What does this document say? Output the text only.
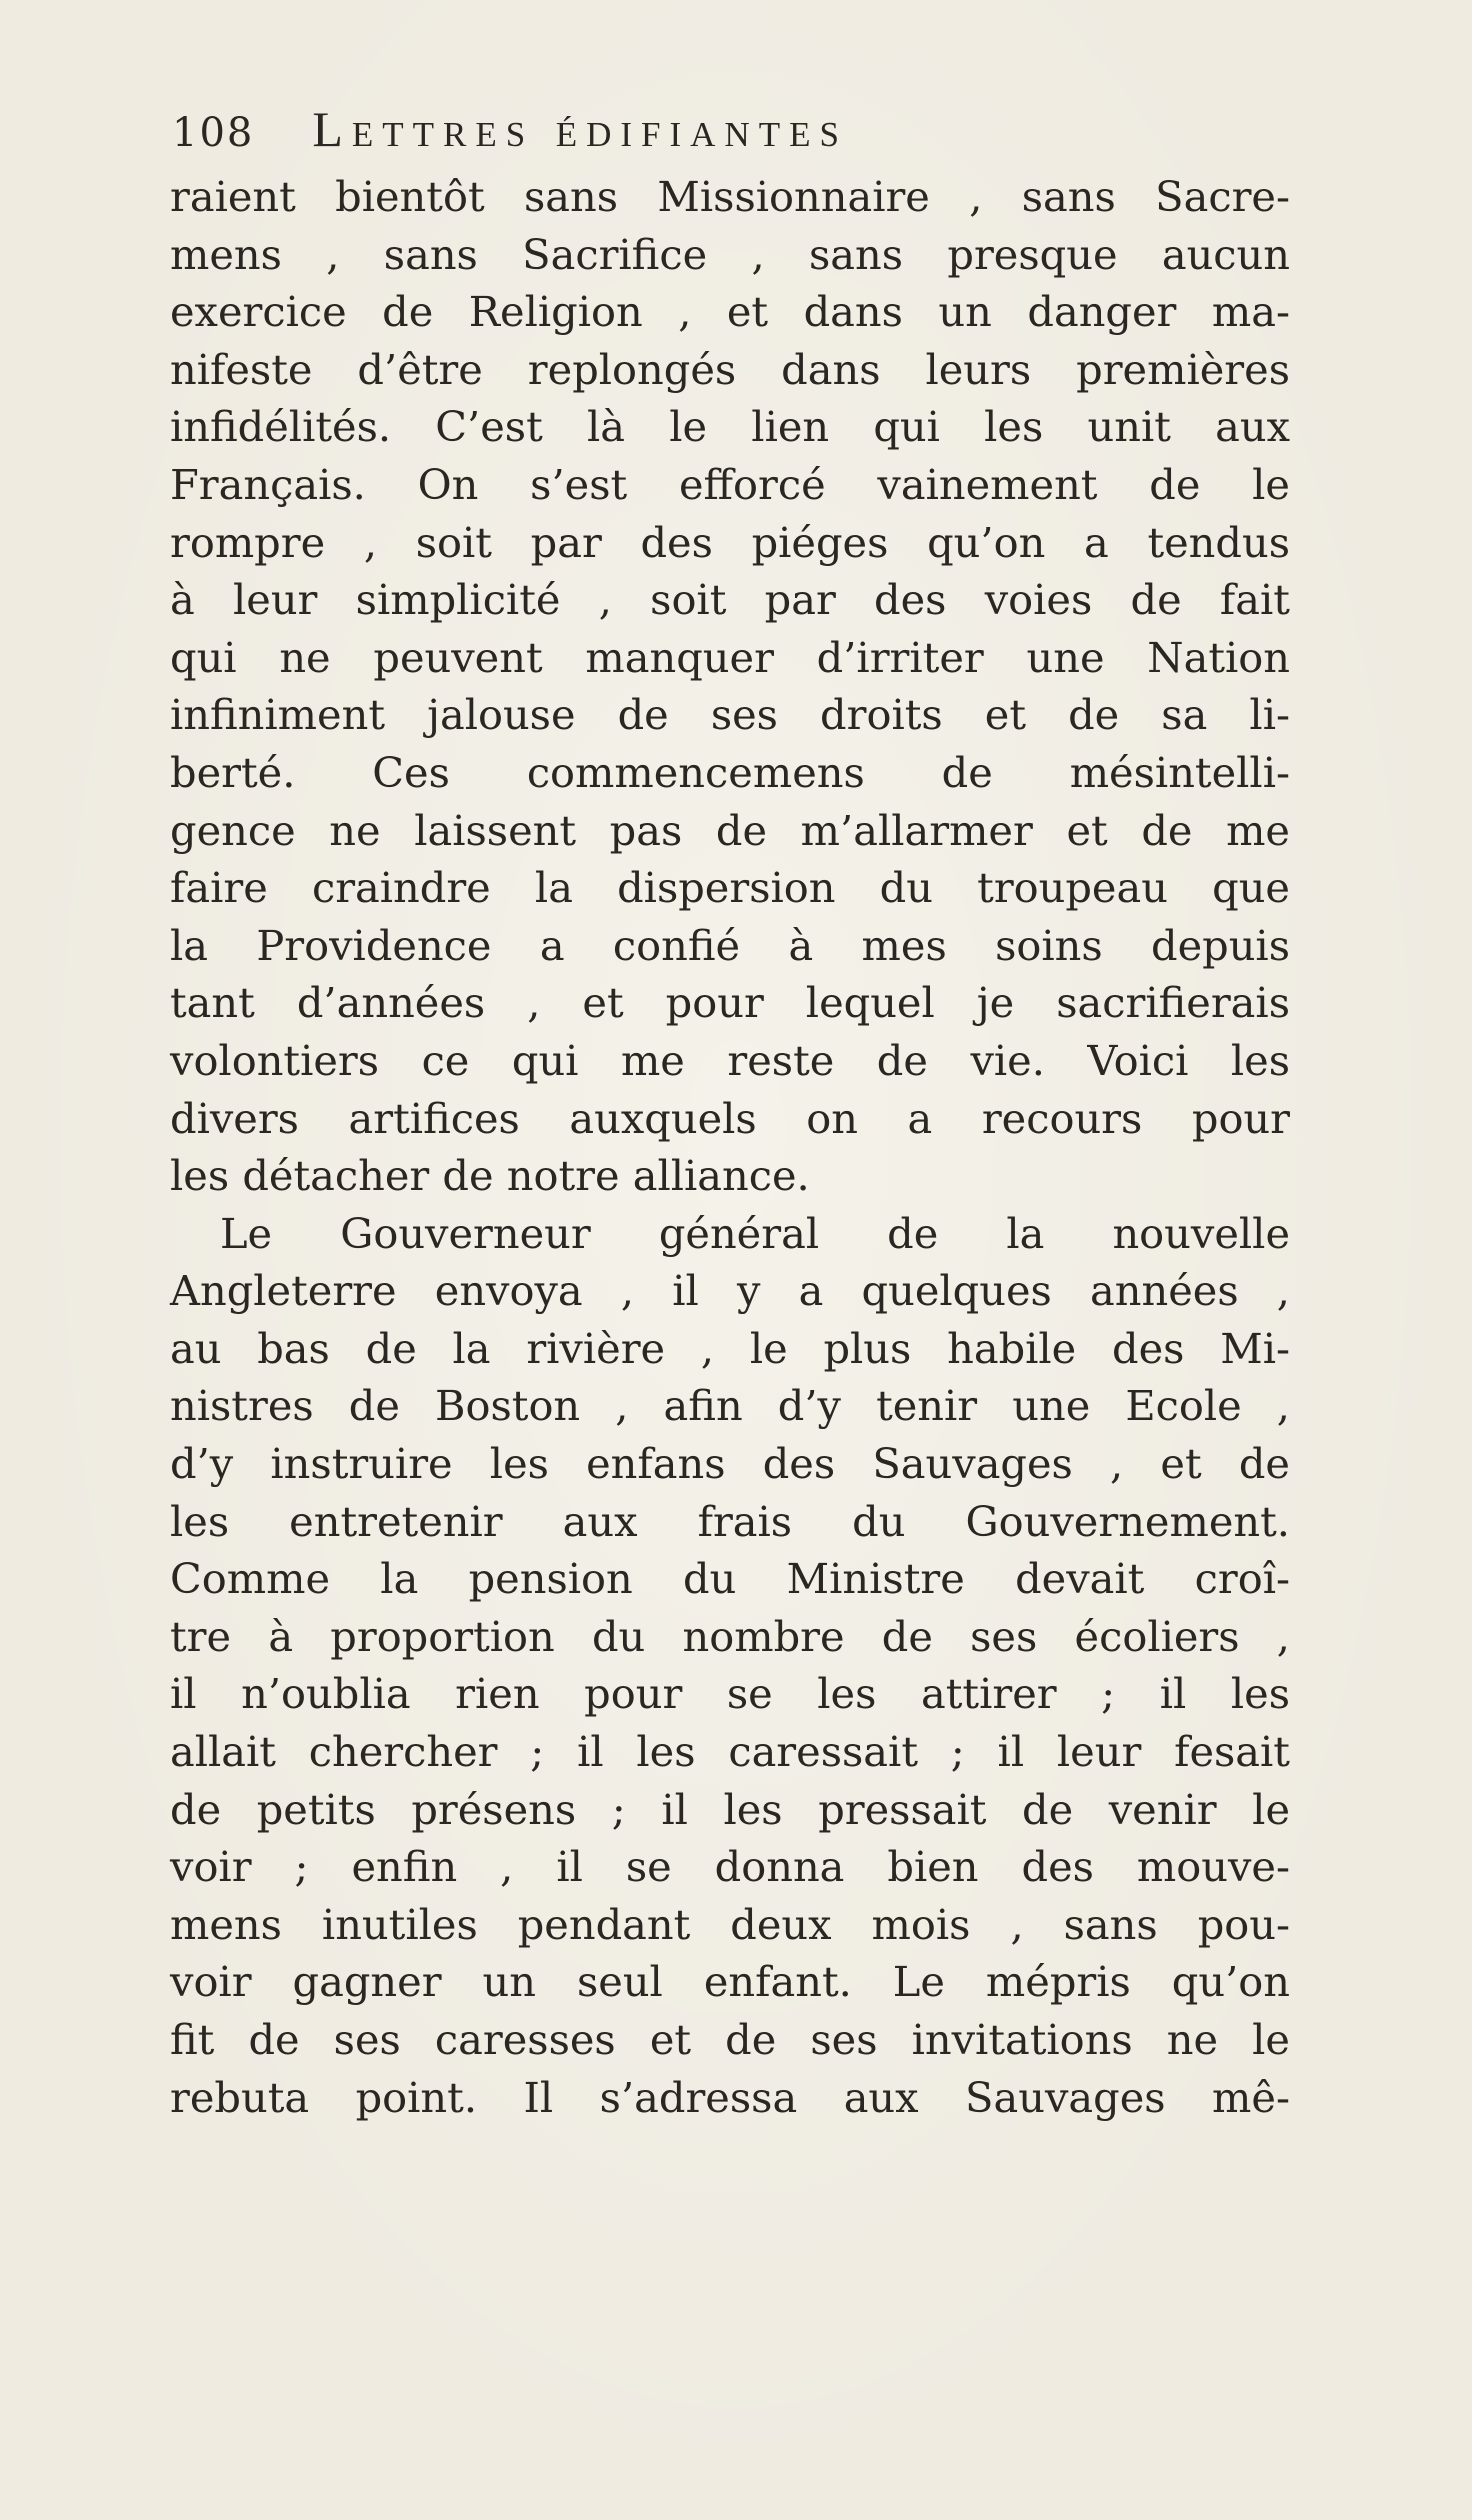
108 Lettres édifiantes
raient bientôt sans Missionnaire , sans Sacre-
mens , sans Sacrifice , sans presque aucun
exercice de Religion , et dans un danger ma-
nifeste d’être replongés dans leurs premières
infidélités. C’est là le lien qui les unit aux
Français. On s’est efforcé vainement de le
rompre , soit par des piéges qu’on a tendus
à leur simplicité , soit par des voies de fait
qui ne peuvent manquer d’irriter une Nation
infiniment jalouse de ses droits et de sa li-
berté. Ces commencemens de mésintelli-
gence ne laissent pas de m’allarmer et de me
faire craindre la dispersion du troupeau que
la Providence a confié à mes soins depuis
tant d’années , et pour lequel je sacrifierais
volontiers ce qui me reste de vie. Voici les
divers artifices auxquels on a recours pour
les détacher de notre alliance.
Le Gouverneur général de la nouvelle
Angleterre envoya , il y a quelques années ,
au bas de la rivière , le plus habile des Mi-
nistres de Boston , afin d’y tenir une Ecole ,
d’y instruire les enfans des Sauvages , et de
les entretenir aux frais du Gouvernement.
Comme la pension du Ministre devait croî-
tre à proportion du nombre de ses écoliers ,
il n’oublia rien pour se les attirer ; il les
allait chercher ; il les caressait ; il leur fesait
de petits présens ; il les pressait de venir le
voir ; enfin , il se donna bien des mouve-
mens inutiles pendant deux mois , sans pou-
voir gagner un seul enfant. Le mépris qu’on
fit de ses caresses et de ses invitations ne le
rebuta point. Il s’adressa aux Sauvages mê-
